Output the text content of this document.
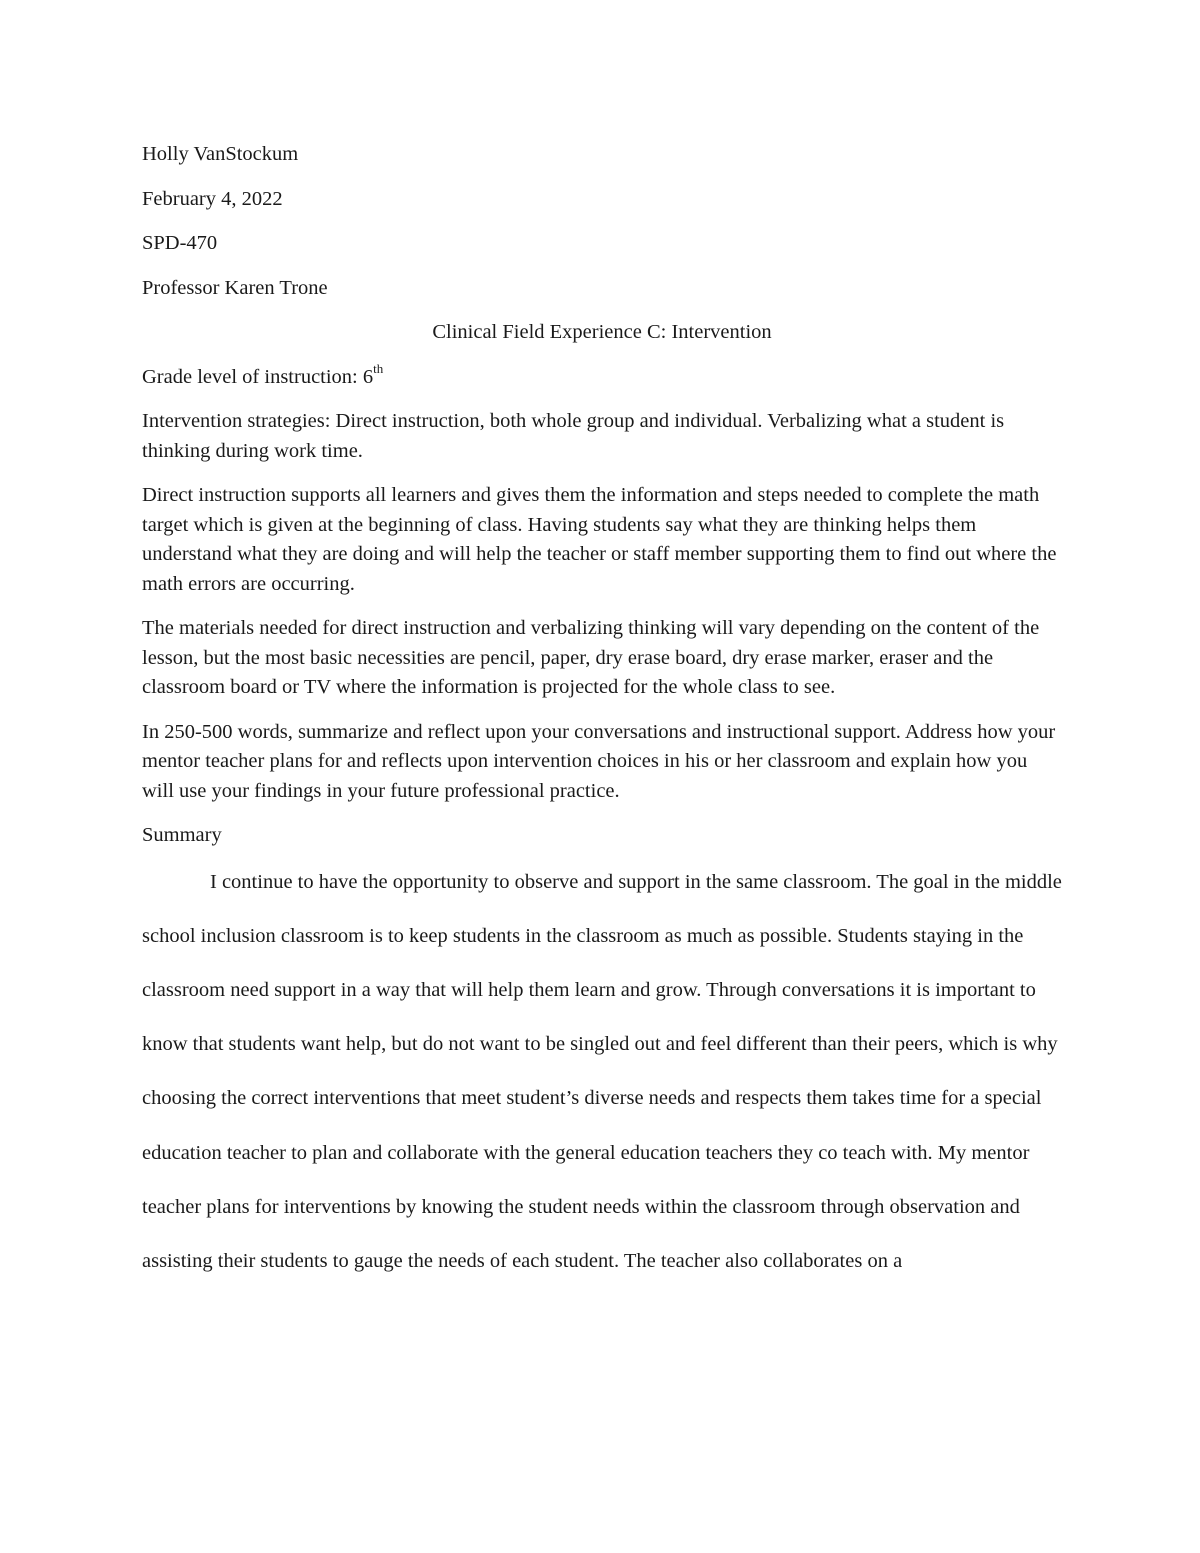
Holly VanStockum

February 4, 2022

SPD-470

Professor Karen Trone

Clinical Field Experience C: Intervention

Grade level of instruction: 6th

Intervention strategies: Direct instruction, both whole group and individual. Verbalizing what a student is thinking during work time.

Direct instruction supports all learners and gives them the information and steps needed to complete the math target which is given at the beginning of class. Having students say what they are thinking helps them understand what they are doing and will help the teacher or staff member supporting them to find out where the math errors are occurring.

The materials needed for direct instruction and verbalizing thinking will vary depending on the content of the lesson, but the most basic necessities are pencil, paper, dry erase board, dry erase marker, eraser and the classroom board or TV where the information is projected for the whole class to see.

In 250-500 words, summarize and reflect upon your conversations and instructional support. Address how your mentor teacher plans for and reflects upon intervention choices in his or her classroom and explain how you will use your findings in your future professional practice.

Summary

I continue to have the opportunity to observe and support in the same classroom. The goal in the middle school inclusion classroom is to keep students in the classroom as much as possible. Students staying in the classroom need support in a way that will help them learn and grow. Through conversations it is important to know that students want help, but do not want to be singled out and feel different than their peers, which is why choosing the correct interventions that meet student’s diverse needs and respects them takes time for a special education teacher to plan and collaborate with the general education teachers they co teach with. My mentor teacher plans for interventions by knowing the student needs within the classroom through observation and assisting their students to gauge the needs of each student. The teacher also collaborates on a
